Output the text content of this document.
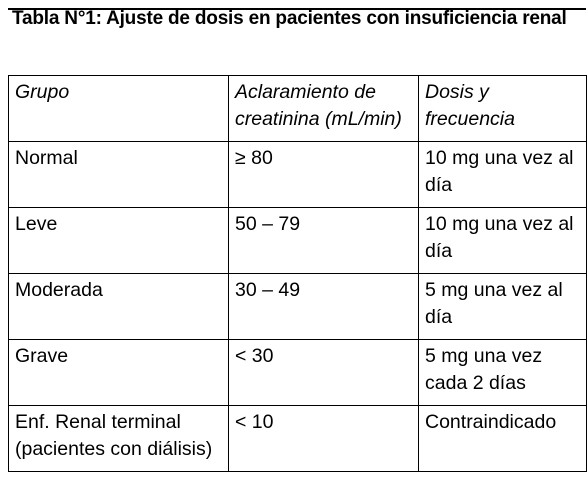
Tabla N°1: Ajuste de dosis en pacientes con insuficiencia renal
Grupo	Aclaramiento de creatinina (mL/min)	Dosis y frecuencia
Normal	≥ 80	10 mg una vez al día
Leve	50 – 79	10 mg una vez al día
Moderada	30 – 49	5 mg una vez al día
Grave	< 30	5 mg una vez cada 2 días
Enf. Renal terminal (pacientes con diálisis)	< 10	Contraindicado
